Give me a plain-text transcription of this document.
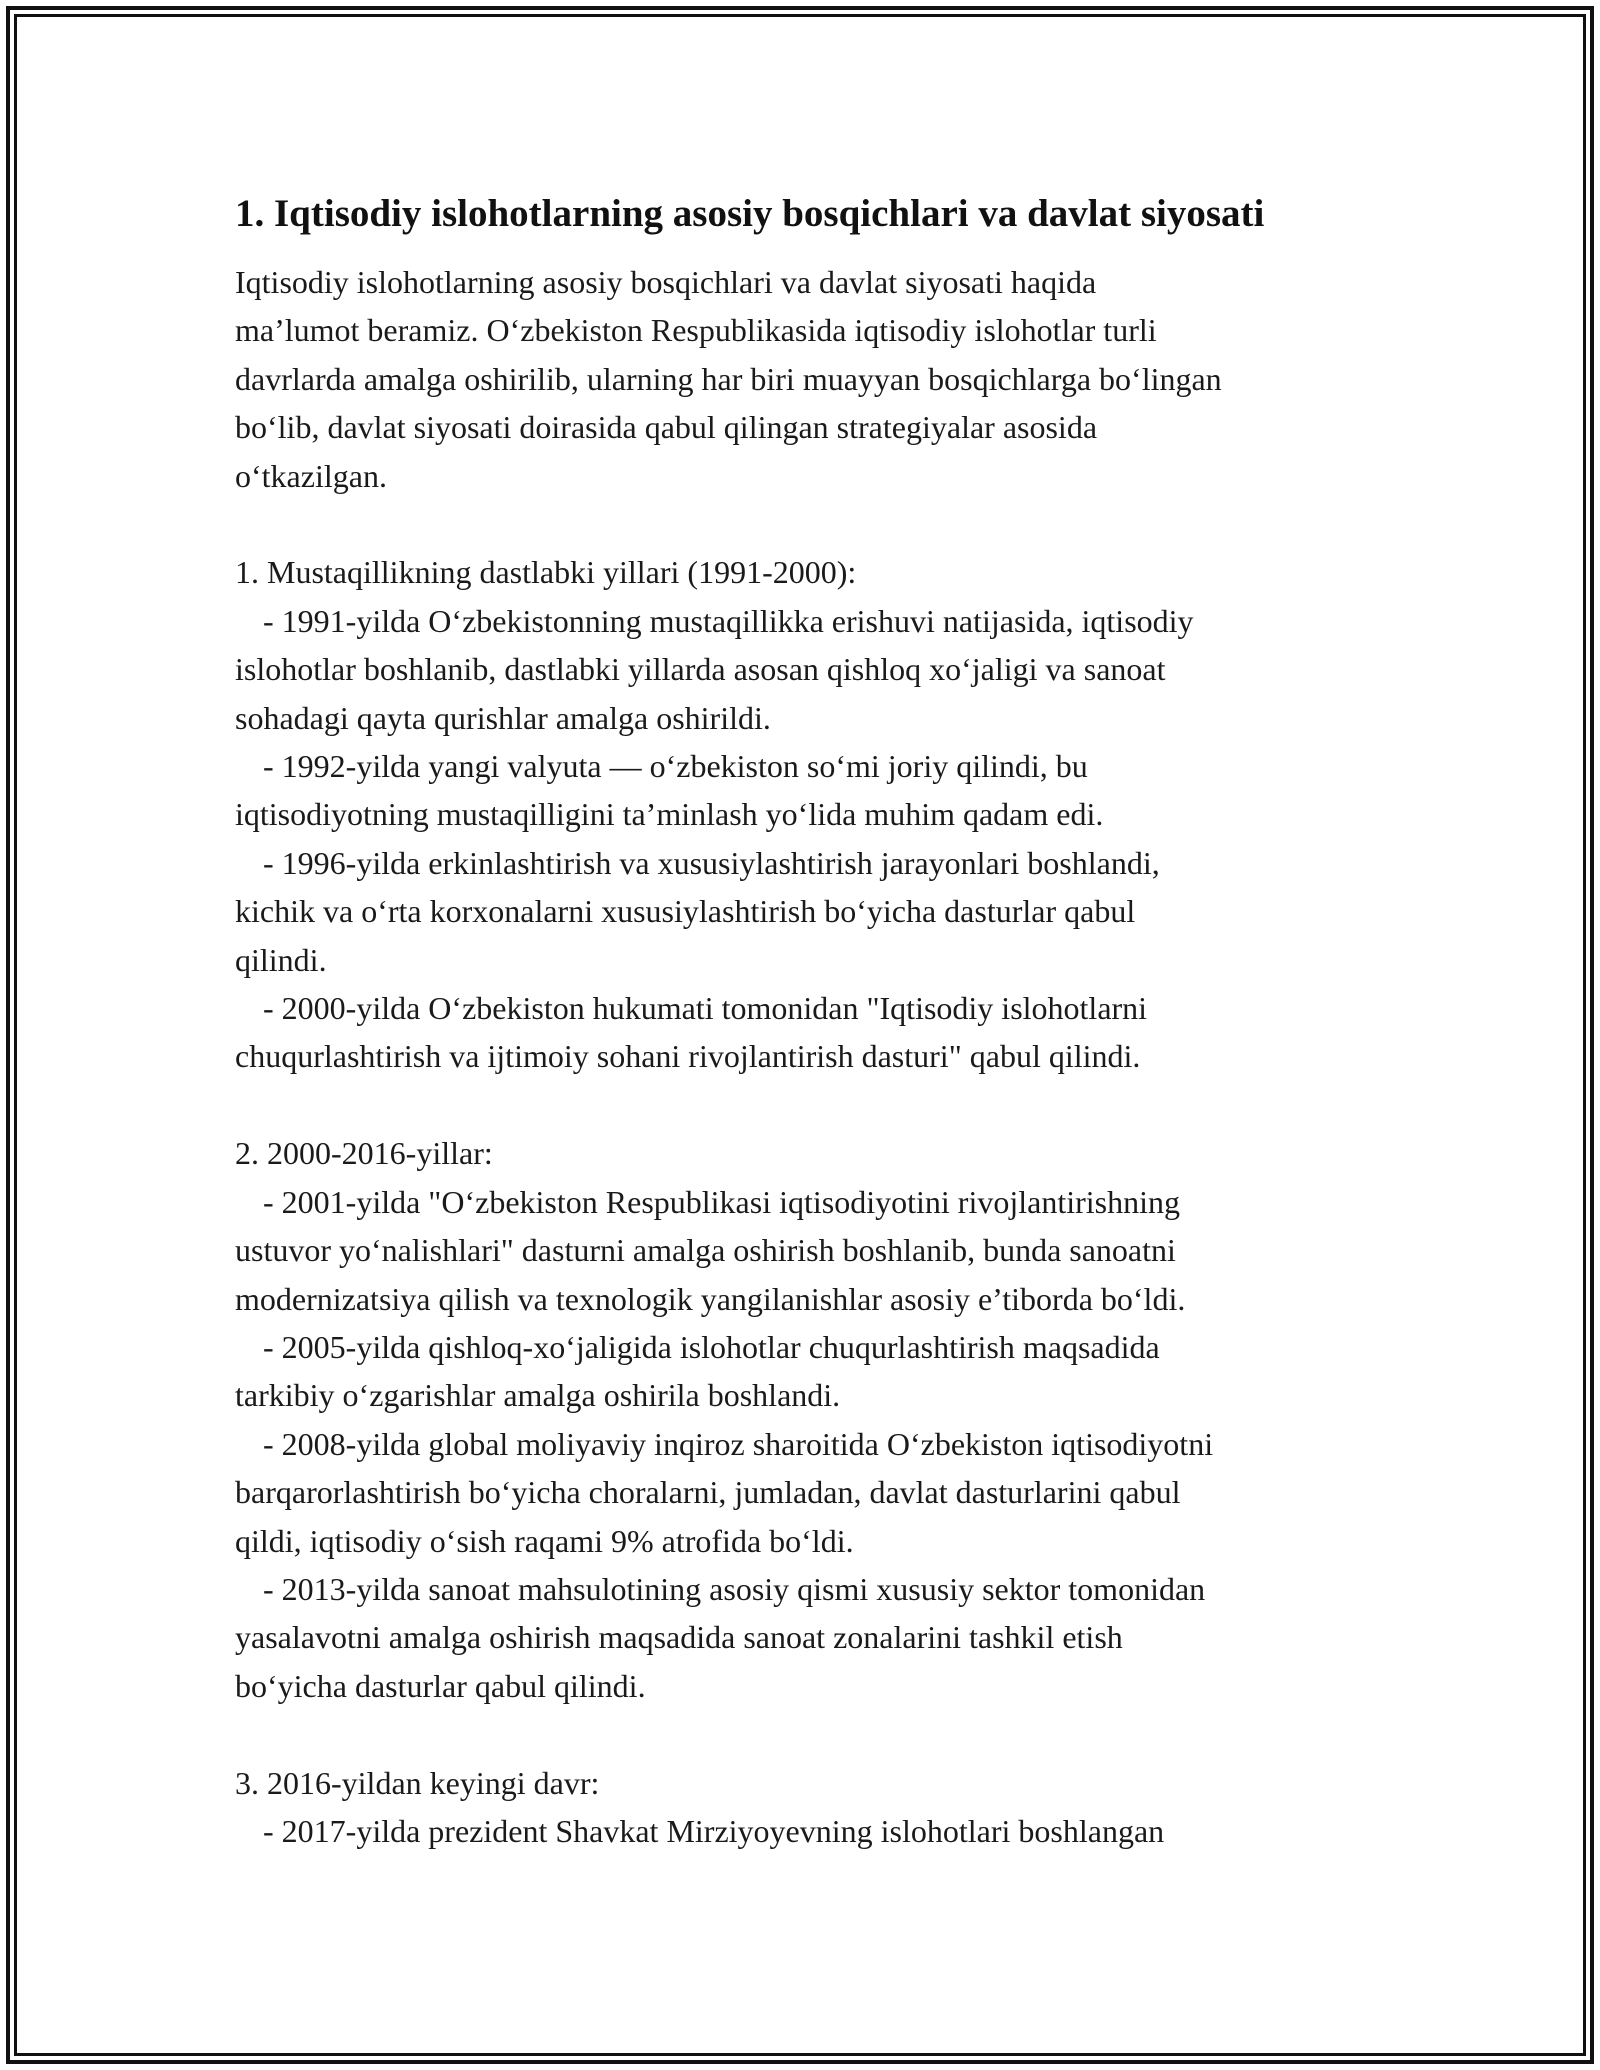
1. Iqtisodiy islohotlarning asosiy bosqichlari va davlat siyosati

Iqtisodiy islohotlarning asosiy bosqichlari va davlat siyosati haqida

ma’lumot beramiz. O‘zbekiston Respublikasida iqtisodiy islohotlar turli

davrlarda amalga oshirilib, ularning har biri muayyan bosqichlarga bo‘lingan

bo‘lib, davlat siyosati doirasida qabul qilingan strategiyalar asosida

o‘tkazilgan.

1. Mustaqillikning dastlabki yillari (1991-2000):

- 1991-yilda O‘zbekistonning mustaqillikka erishuvi natijasida, iqtisodiy

islohotlar boshlanib, dastlabki yillarda asosan qishloq xo‘jaligi va sanoat

sohadagi qayta qurishlar amalga oshirildi.

- 1992-yilda yangi valyuta — o‘zbekiston so‘mi joriy qilindi, bu

iqtisodiyotning mustaqilligini ta’minlash yo‘lida muhim qadam edi.

- 1996-yilda erkinlashtirish va xususiylashtirish jarayonlari boshlandi,

kichik va o‘rta korxonalarni xususiylashtirish bo‘yicha dasturlar qabul

qilindi.

- 2000-yilda O‘zbekiston hukumati tomonidan "Iqtisodiy islohotlarni

chuqurlashtirish va ijtimoiy sohani rivojlantirish dasturi" qabul qilindi.

2. 2000-2016-yillar:

- 2001-yilda "O‘zbekiston Respublikasi iqtisodiyotini rivojlantirishning

ustuvor yo‘nalishlari" dasturni amalga oshirish boshlanib, bunda sanoatni

modernizatsiya qilish va texnologik yangilanishlar asosiy e’tiborda bo‘ldi.

- 2005-yilda qishloq-xo‘jaligida islohotlar chuqurlashtirish maqsadida

tarkibiy o‘zgarishlar amalga oshirila boshlandi.

- 2008-yilda global moliyaviy inqiroz sharoitida O‘zbekiston iqtisodiyotni

barqarorlashtirish bo‘yicha choralarni, jumladan, davlat dasturlarini qabul

qildi, iqtisodiy o‘sish raqami 9% atrofida bo‘ldi.

- 2013-yilda sanoat mahsulotining asosiy qismi xususiy sektor tomonidan

yasalavotni amalga oshirish maqsadida sanoat zonalarini tashkil etish

bo‘yicha dasturlar qabul qilindi.

3. 2016-yildan keyingi davr:

- 2017-yilda prezident Shavkat Mirziyoyevning islohotlari boshlangan
